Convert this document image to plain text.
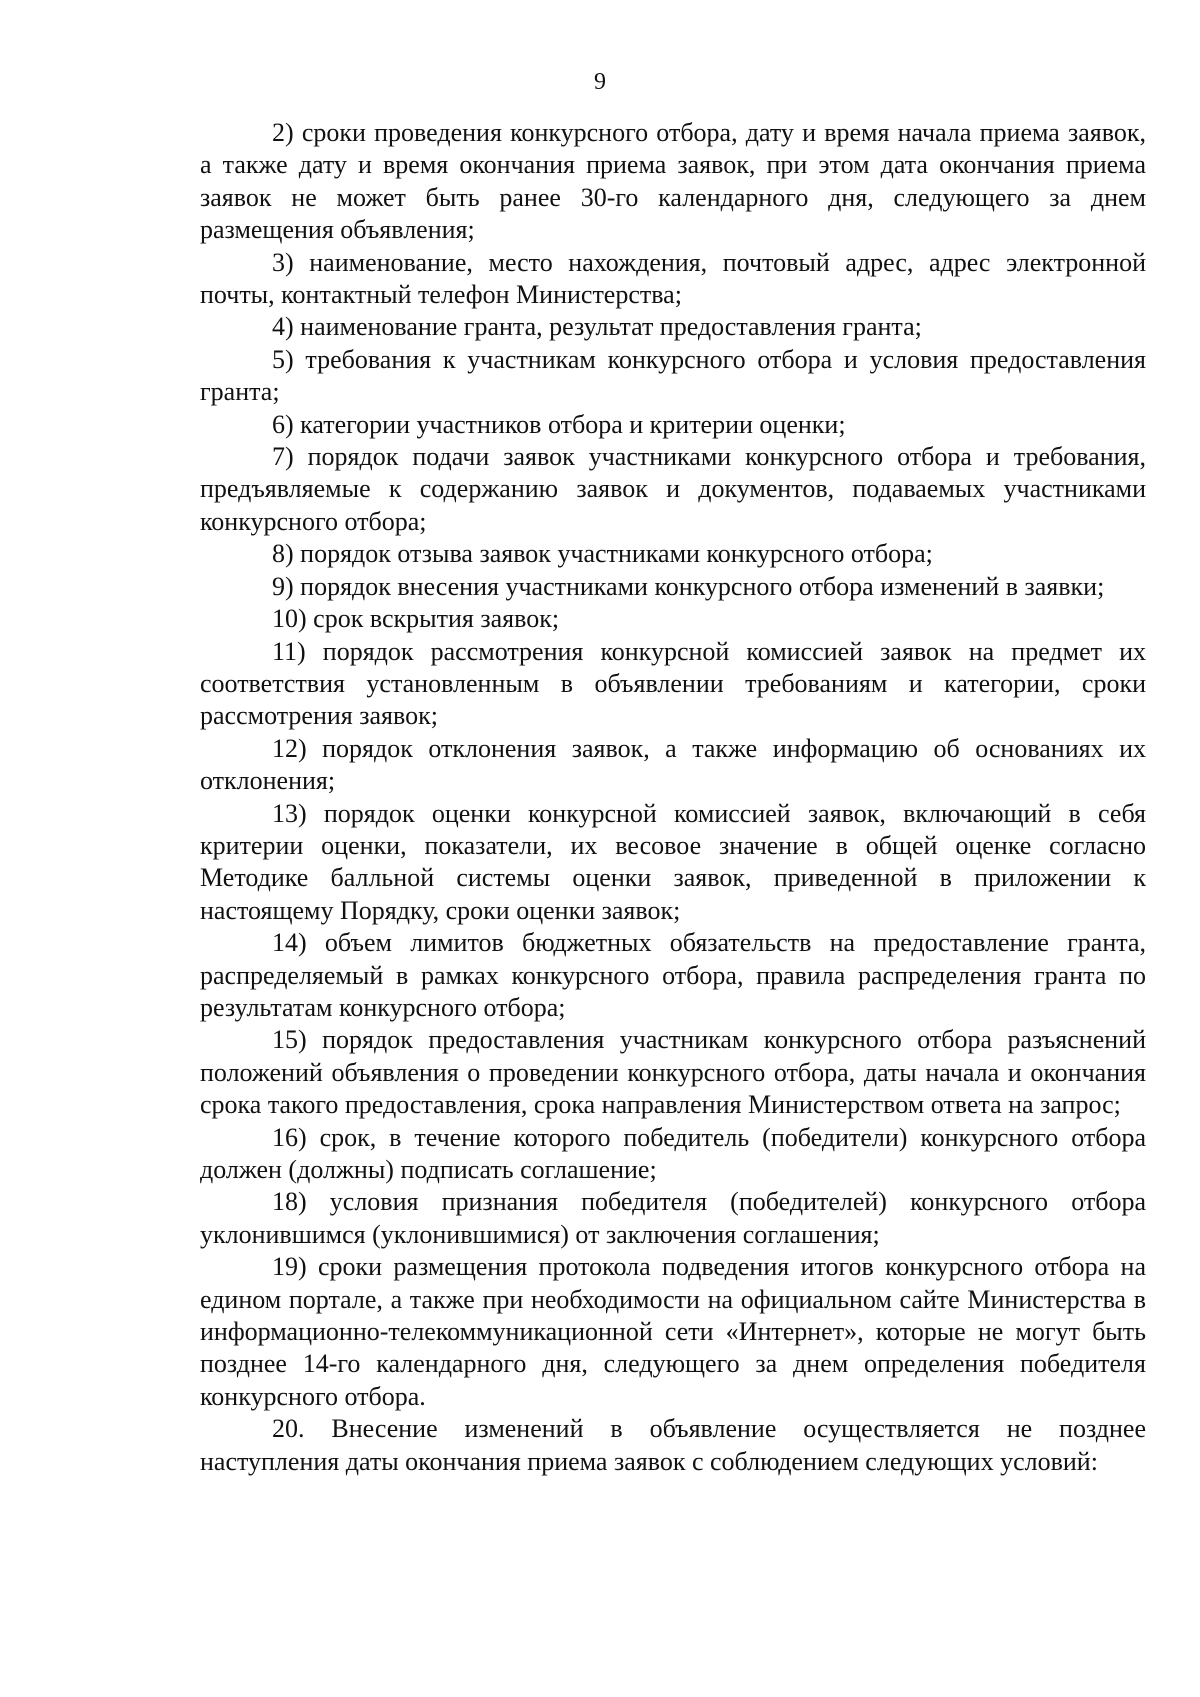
9

2) сроки проведения конкурсного отбора, дату и время начала приема заявок, а также дату и время окончания приема заявок, при этом дата окончания приема заявок не может быть ранее 30-го календарного дня, следующего за днем размещения объявления;

3) наименование, место нахождения, почтовый адрес, адрес электронной почты, контактный телефон Министерства;

4) наименование гранта, результат предоставления гранта;

5) требования к участникам конкурсного отбора и условия предоставления гранта;

6) категории участников отбора и критерии оценки;

7) порядок подачи заявок участниками конкурсного отбора и требования, предъявляемые к содержанию заявок и документов, подаваемых участниками конкурсного отбора;

8) порядок отзыва заявок участниками конкурсного отбора;

9) порядок внесения участниками конкурсного отбора изменений в заявки;

10) срок вскрытия заявок;

11) порядок рассмотрения конкурсной комиссией заявок на предмет их соответствия установленным в объявлении требованиям и категории, сроки рассмотрения заявок;

12) порядок отклонения заявок, а также информацию об основаниях их отклонения;

13) порядок оценки конкурсной комиссией заявок, включающий в себя критерии оценки, показатели, их весовое значение в общей оценке согласно Методике балльной системы оценки заявок, приведенной в приложении к настоящему Порядку, сроки оценки заявок;

14) объем лимитов бюджетных обязательств на предоставление гранта, распределяемый в рамках конкурсного отбора, правила распределения гранта по результатам конкурсного отбора;

15) порядок предоставления участникам конкурсного отбора разъяснений положений объявления о проведении конкурсного отбора, даты начала и окончания срока такого предоставления, срока направления Министерством ответа на запрос;

16) срок, в течение которого победитель (победители) конкурсного отбора должен (должны) подписать соглашение;

18) условия признания победителя (победителей) конкурсного отбора уклонившимся (уклонившимися) от заключения соглашения;

19) сроки размещения протокола подведения итогов конкурсного отбора на едином портале, а также при необходимости на официальном сайте Министерства в информационно-телекоммуникационной сети «Интернет», которые не могут быть позднее 14-го календарного дня, следующего за днем определения победителя конкурсного отбора.

20. Внесение изменений в объявление осуществляется не позднее наступления даты окончания приема заявок с соблюдением следующих условий:
